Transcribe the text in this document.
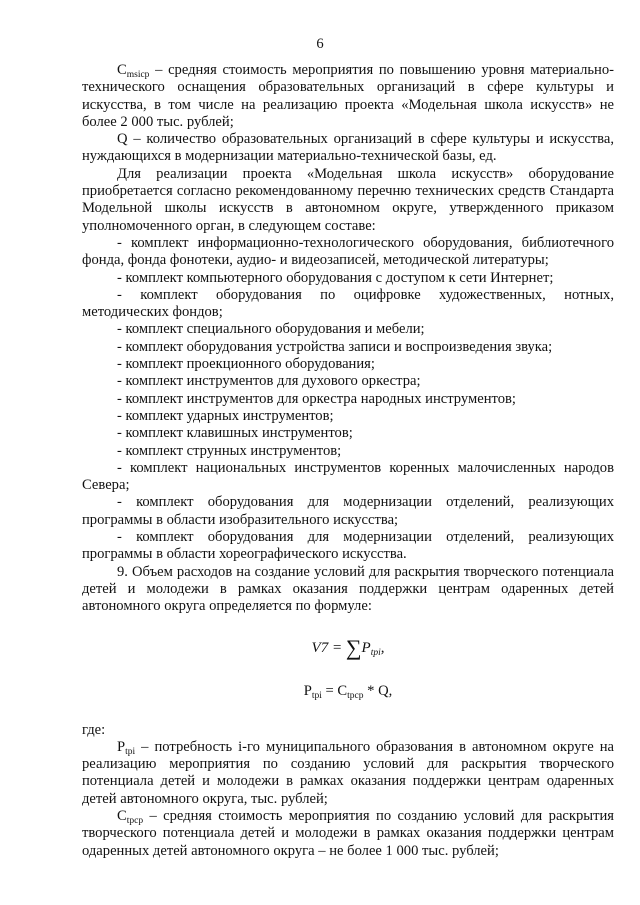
6

$C_{msicp}$ – средняя стоимость мероприятия по повышению уровня материально-технического оснащения образовательных организаций в сфере культуры и искусства, в том числе на реализацию проекта «Модельная школа искусств» не более 2 000 тыс. рублей;

Q – количество образовательных организаций в сфере культуры и искусства, нуждающихся в модернизации материально-технической базы, ед.

Для реализации проекта «Модельная школа искусств» оборудование приобретается согласно рекомендованному перечню технических средств Стандарта Модельной школы искусств в автономном округе, утвержденного приказом уполномоченного орган, в следующем составе:

- комплект информационно-технологического оборудования, библиотечного фонда, фонда фонотеки, аудио- и видеозаписей, методической литературы;

- комплект компьютерного оборудования с доступом к сети Интернет;

- комплект оборудования по оцифровке художественных, нотных, методических фондов;

- комплект специального оборудования и мебели;

- комплект оборудования устройства записи и воспроизведения звука;

- комплект проекционного оборудования;

- комплект инструментов для духового оркестра;

- комплект инструментов для оркестра народных инструментов;

- комплект ударных инструментов;

- комплект клавишных инструментов;

- комплект струнных инструментов;

- комплект национальных инструментов коренных малочисленных народов Севера;

- комплект оборудования для модернизации отделений, реализующих программы в области изобразительного искусства;

- комплект оборудования для модернизации отделений, реализующих программы в области хореографического искусства.

9. Объем расходов на создание условий для раскрытия творческого потенциала детей и молодежи в рамках оказания поддержки центрам одаренных детей автономного округа определяется по формуле:

$V7 = \sum P_{tpi}$,
$P_{tpi} = C_{tpcp} * Q$,

где:

$P_{tpi}$ – потребность i-го муниципального образования в автономном округе на реализацию мероприятия по созданию условий для раскрытия творческого потенциала детей и молодежи в рамках оказания поддержки центрам одаренных детей автономного округа, тыс. рублей;

$C_{tpcp}$ – средняя стоимость мероприятия по созданию условий для раскрытия творческого потенциала детей и молодежи в рамках оказания поддержки центрам одаренных детей автономного округа – не более 1 000 тыс. рублей;
